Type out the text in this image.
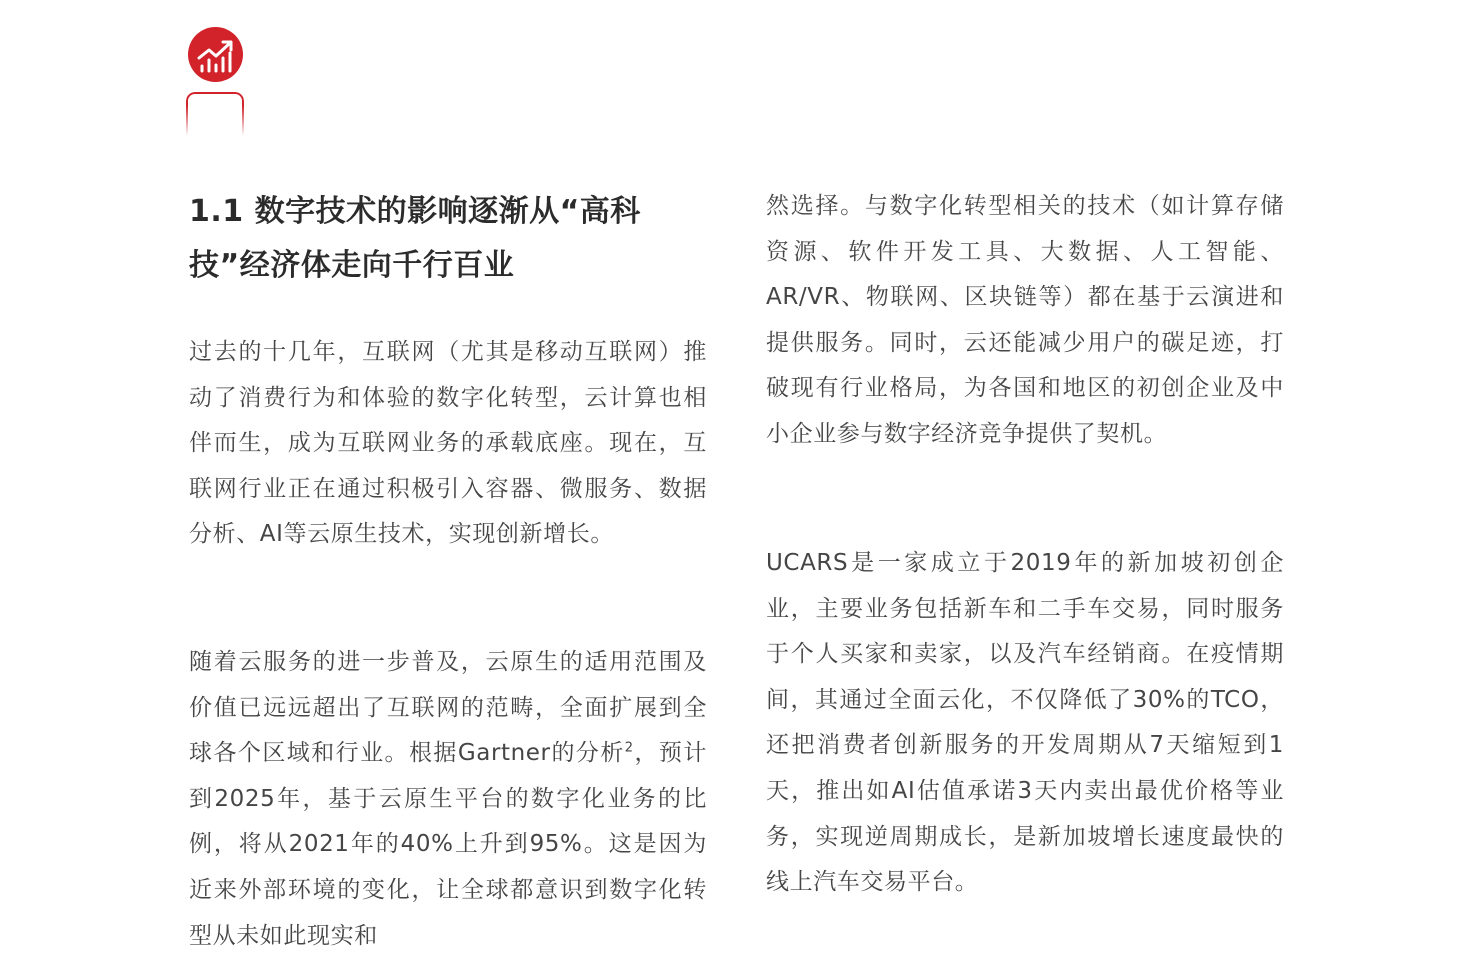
1.1 数字技术的影响逐渐从“高科技”经济体走向千行百业

过去的十几年，互联网（尤其是移动互联网）推动了消费行为和体验的数字化转型，云计算也相伴而生，成为互联网业务的承载底座。现在，互联网行业正在通过积极引入容器、微服务、数据分析、AI等云原生技术，实现创新增长。

随着云服务的进一步普及，云原生的适用范围及价值已远远超出了互联网的范畴，全面扩展到全球各个区域和行业。根据Gartner的分析$^2$，预计到2025年，基于云原生平台的数字化业务的比例，将从2021年的40%上升到95%。这是因为近来外部环境的变化，让全球都意识到数字化转型从未如此现实和

然选择。与数字化转型相关的技术（如计算存储资源、软件开发工具、大数据、人工智能、AR/VR、物联网、区块链等）都在基于云演进和提供服务。同时，云还能减少用户的碳足迹，打破现有行业格局，为各国和地区的初创企业及中小企业参与数字经济竞争提供了契机。

UCARS是一家成立于2019年的新加坡初创企业，主要业务包括新车和二手车交易，同时服务于个人买家和卖家，以及汽车经销商。在疫情期间，其通过全面云化，不仅降低了30%的TCO，还把消费者创新服务的开发周期从7天缩短到1天，推出如AI估值承诺3天内卖出最优价格等业务，实现逆周期成长，是新加坡增长速度最快的线上汽车交易平台。
